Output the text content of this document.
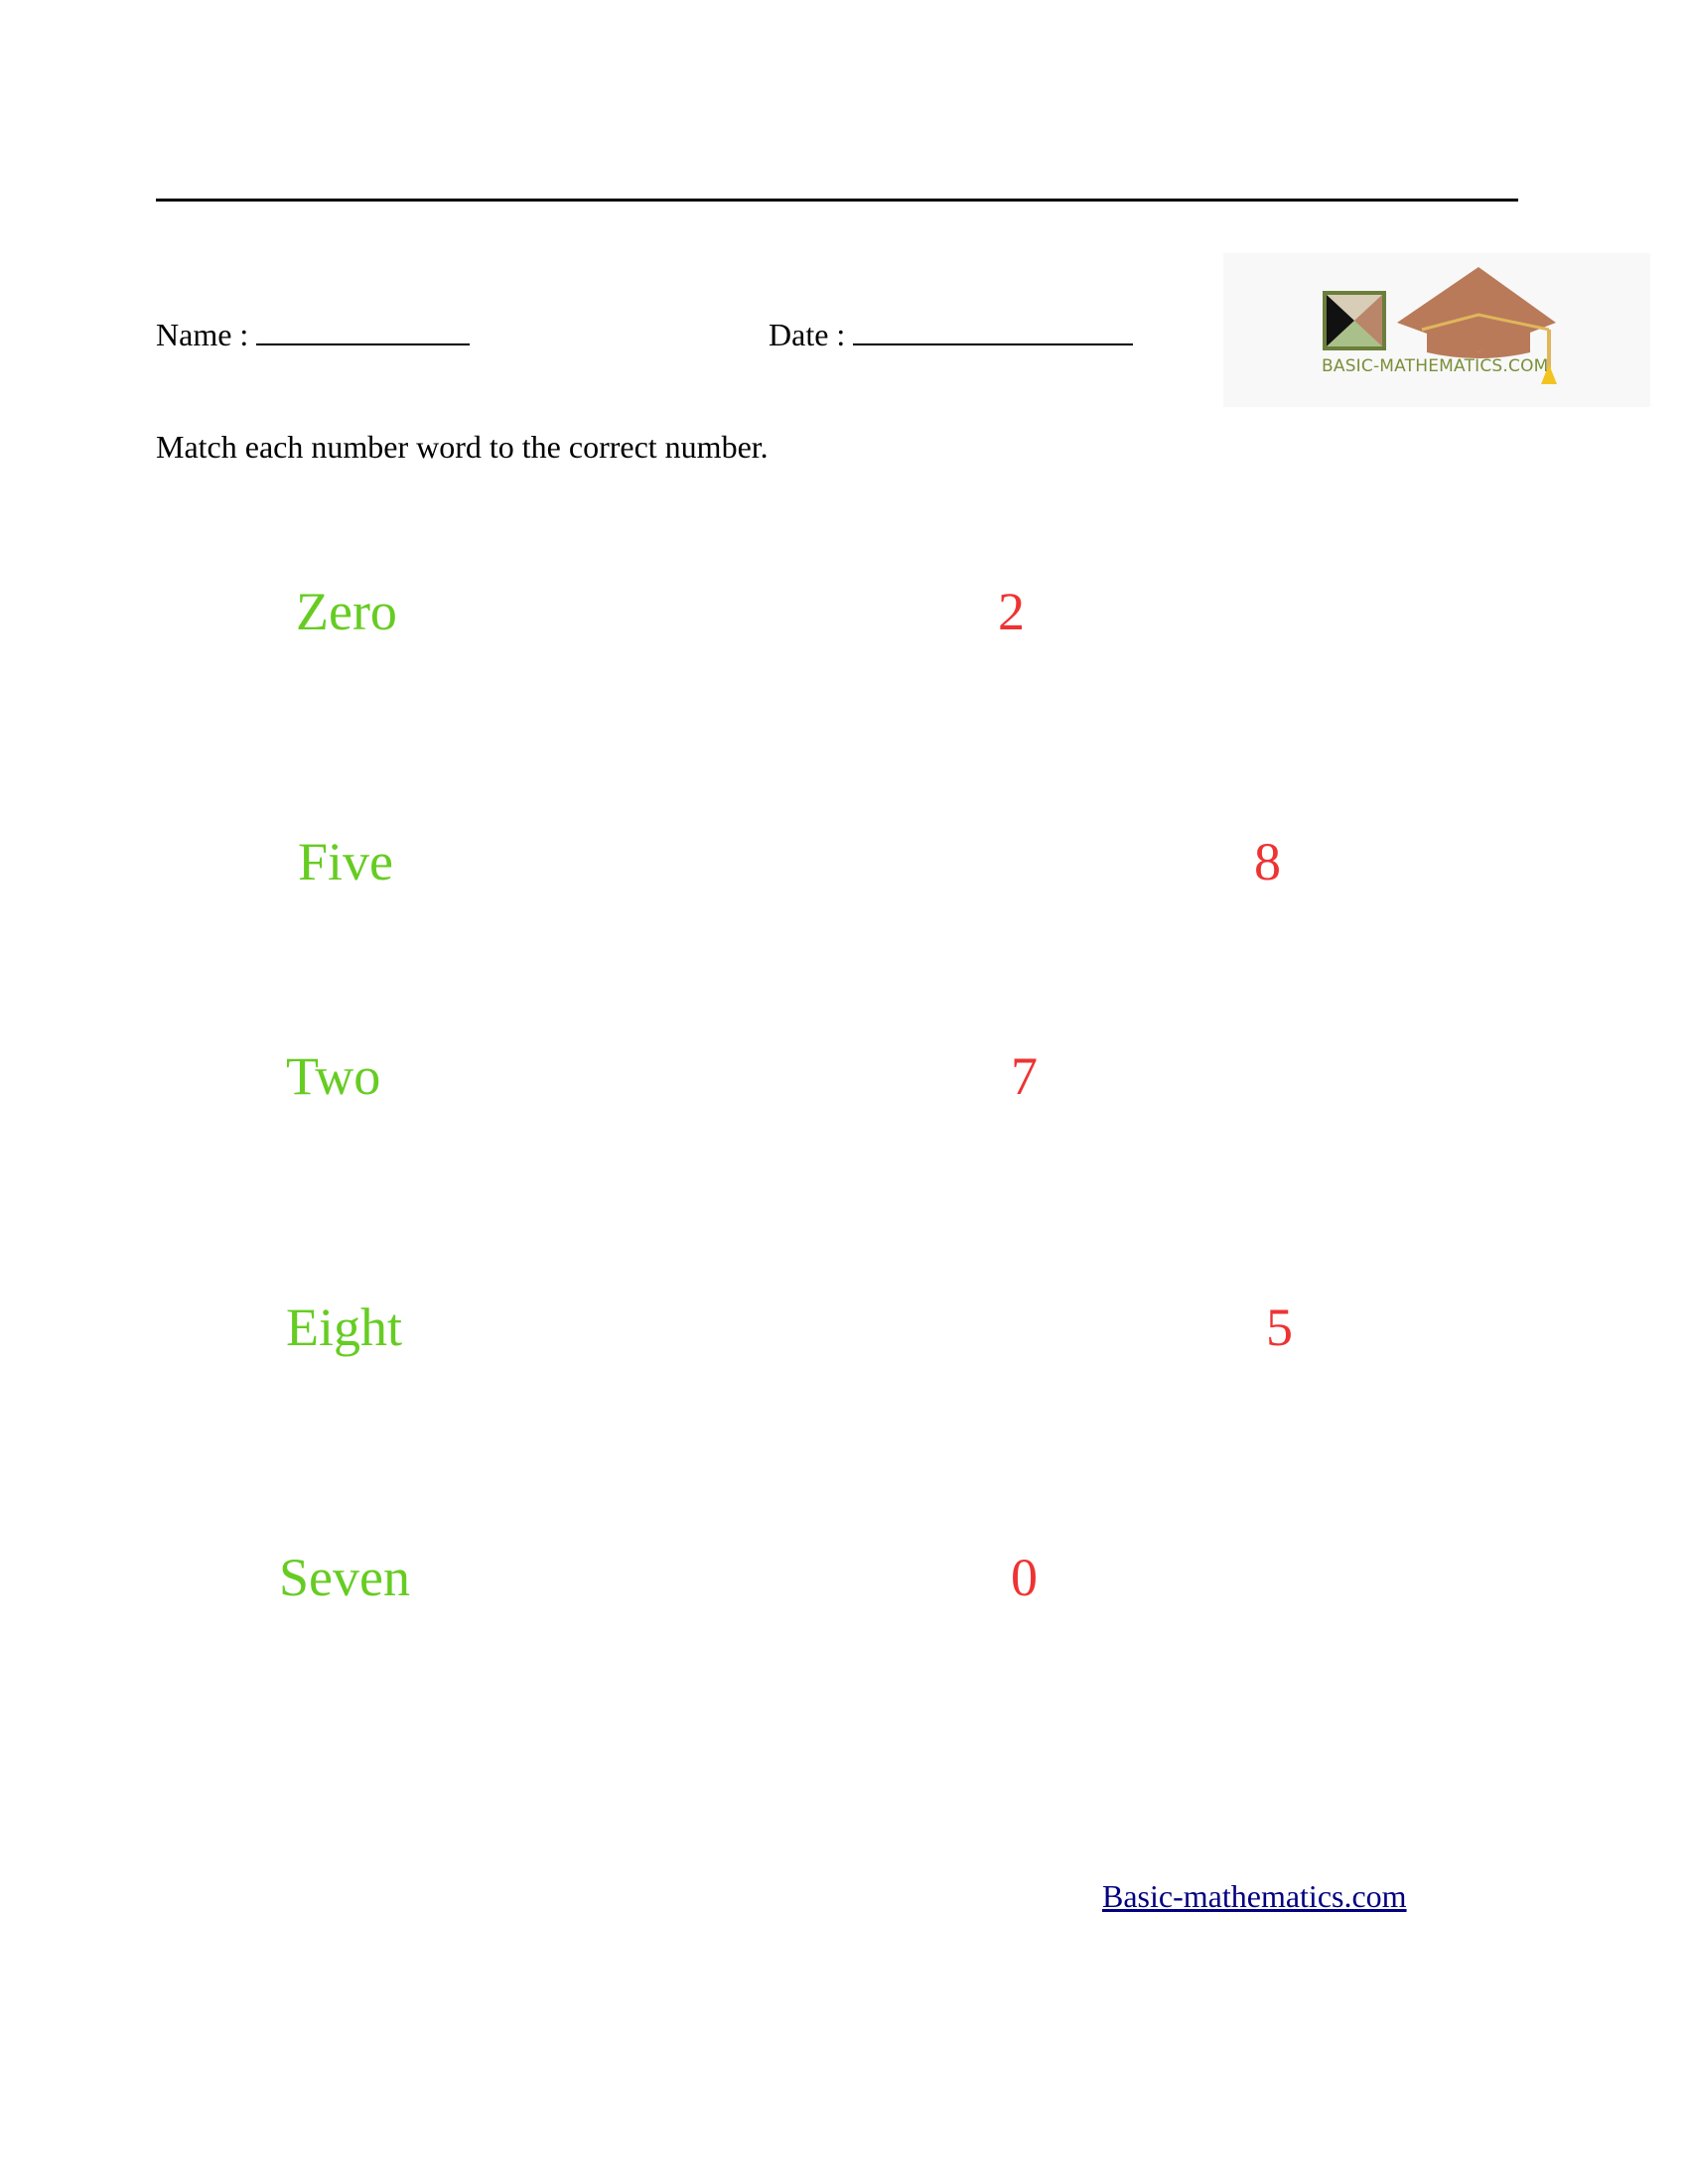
Name :	Date :
BASIC-MATHEMATICS.COM
Match each number word to the correct number.
Zero
Five
Two
Eight
Seven
2
8
7
5
0
Basic-mathematics.com
